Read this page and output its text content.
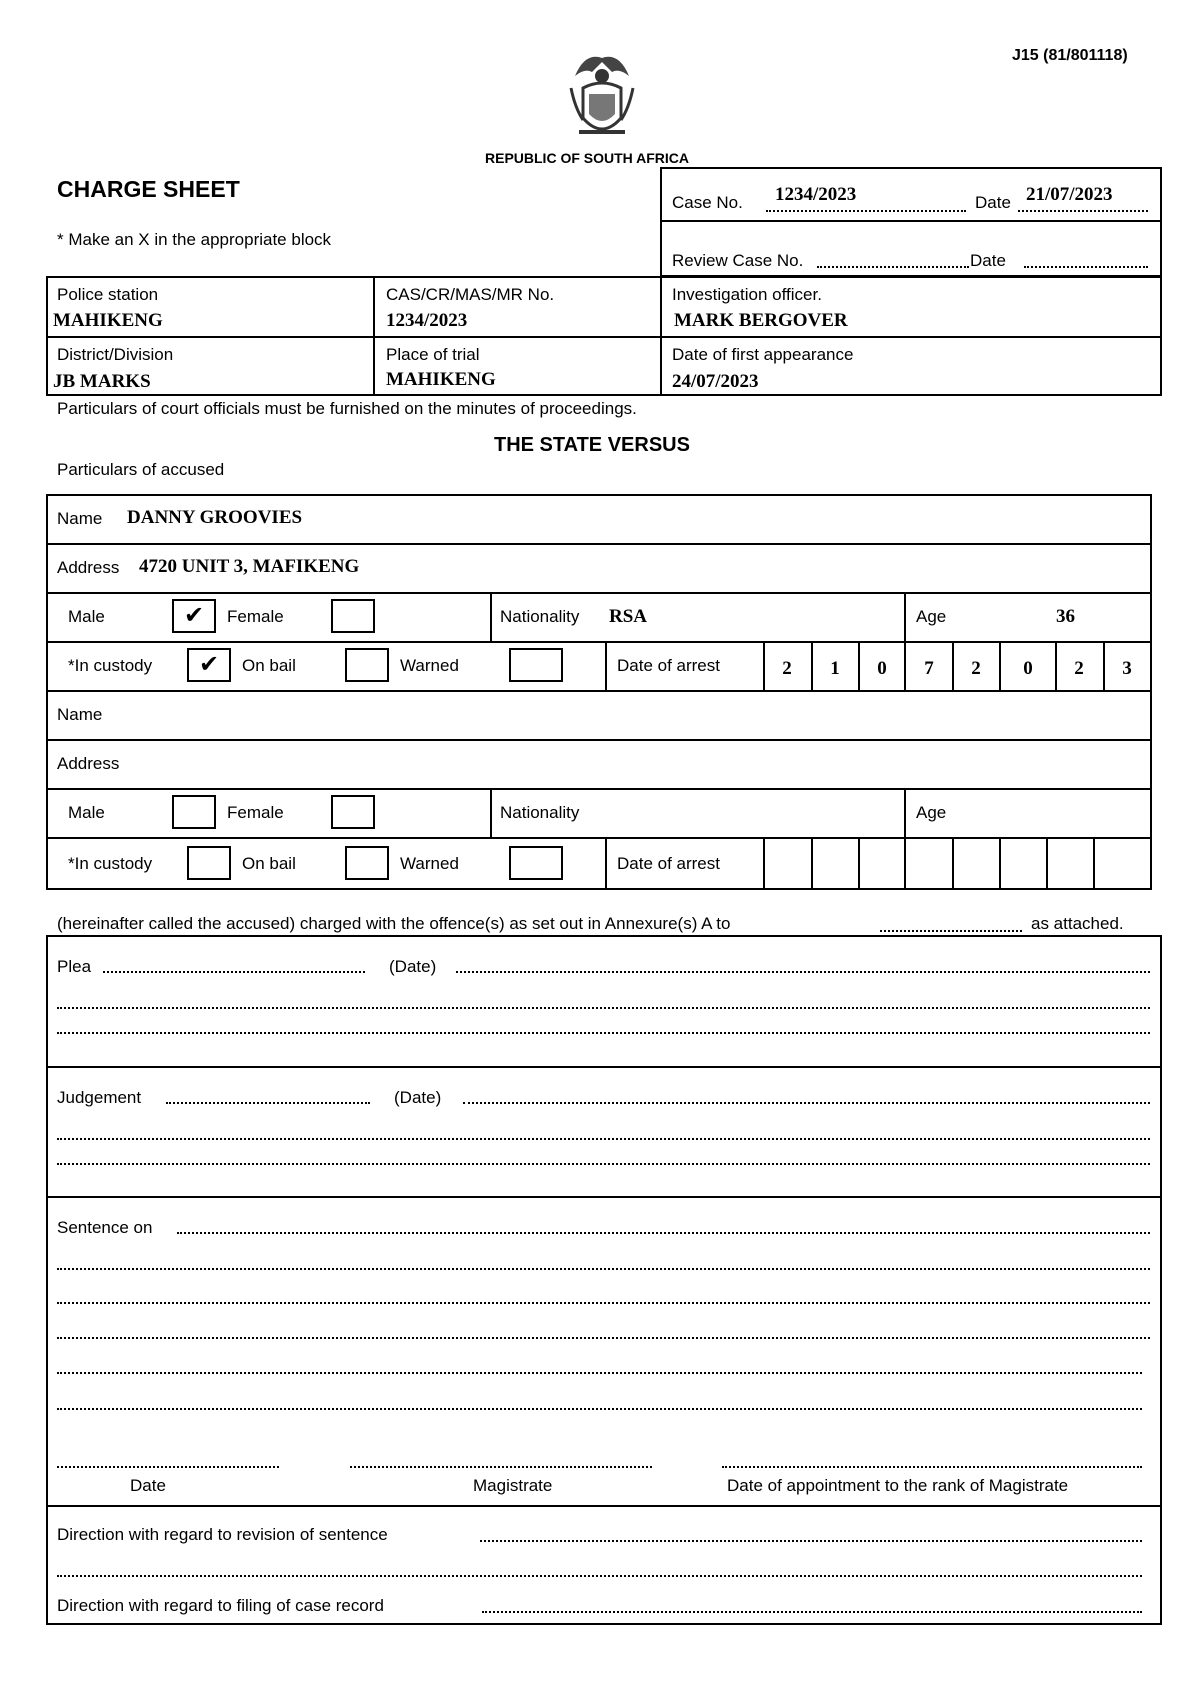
J15 (81/801118)
REPUBLIC OF SOUTH AFRICA
CHARGE SHEET
* Make an X in the appropriate block
Case No. 1234/2023	Date 21/07/2023
Review Case No.	Date
Police station
MAHIKENG
CAS/CR/MAS/MR No.
1234/2023
Investigation officer.
MARK BERGOVER
District/Division
JB MARKS
Place of trial
MAHIKENG
Date of first appearance
24/07/2023
Particulars of court officials must be furnished on the minutes of proceedings.
THE STATE VERSUS
Particulars of accused
Name DANNY GROOVIES
Address 4720 UNIT 3, MAFIKENG
Male	✔	Female	Nationality RSA	Age	36
*In custody	✔	On bail	Warned	Date of arrest	2	1	0	7	2	0	2	3
Name
Address
Male	Female	Nationality	Age
*In custody	On bail	Warned	Date of arrest
(hereinafter called the accused) charged with the offence(s) as set out in Annexure(s) A to	as attached.
Plea	(Date)
Judgement	(Date)
Sentence on
Date	Magistrate	Date of appointment to the rank of Magistrate
Direction with regard to revision of sentence
Direction with regard to filing of case record
